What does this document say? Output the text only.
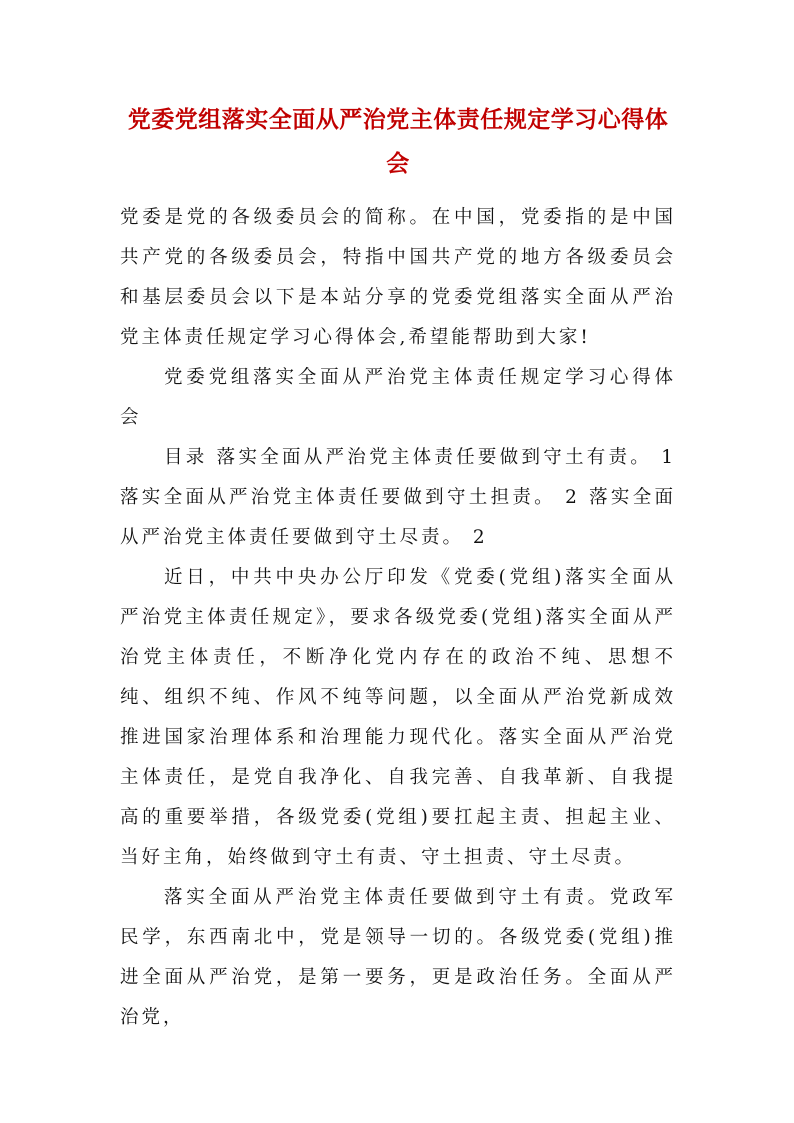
党委党组落实全面从严治党主体责任规定学习心得体会

党委是党的各级委员会的简称。在中国，党委指的是中国共产党的各级委员会，特指中国共产党的地方各级委员会和基层委员会以下是本站分享的党委党组落实全面从严治党主体责任规定学习心得体会,希望能帮助到大家!

党委党组落实全面从严治党主体责任规定学习心得体会

目录 落实全面从严治党主体责任要做到守土有责。 1 落实全面从严治党主体责任要做到守土担责。 2 落实全面从严治党主体责任要做到守土尽责。 2

近日，中共中央办公厅印发《党委(党组)落实全面从严治党主体责任规定》，要求各级党委(党组)落实全面从严治党主体责任，不断净化党内存在的政治不纯、思想不纯、组织不纯、作风不纯等问题，以全面从严治党新成效推进国家治理体系和治理能力现代化。落实全面从严治党主体责任，是党自我净化、自我完善、自我革新、自我提高的重要举措，各级党委(党组)要扛起主责、担起主业、当好主角，始终做到守土有责、守土担责、守土尽责。

落实全面从严治党主体责任要做到守土有责。党政军民学，东西南北中，党是领导一切的。各级党委(党组)推进全面从严治党，是第一要务，更是政治任务。全面从严治党，
